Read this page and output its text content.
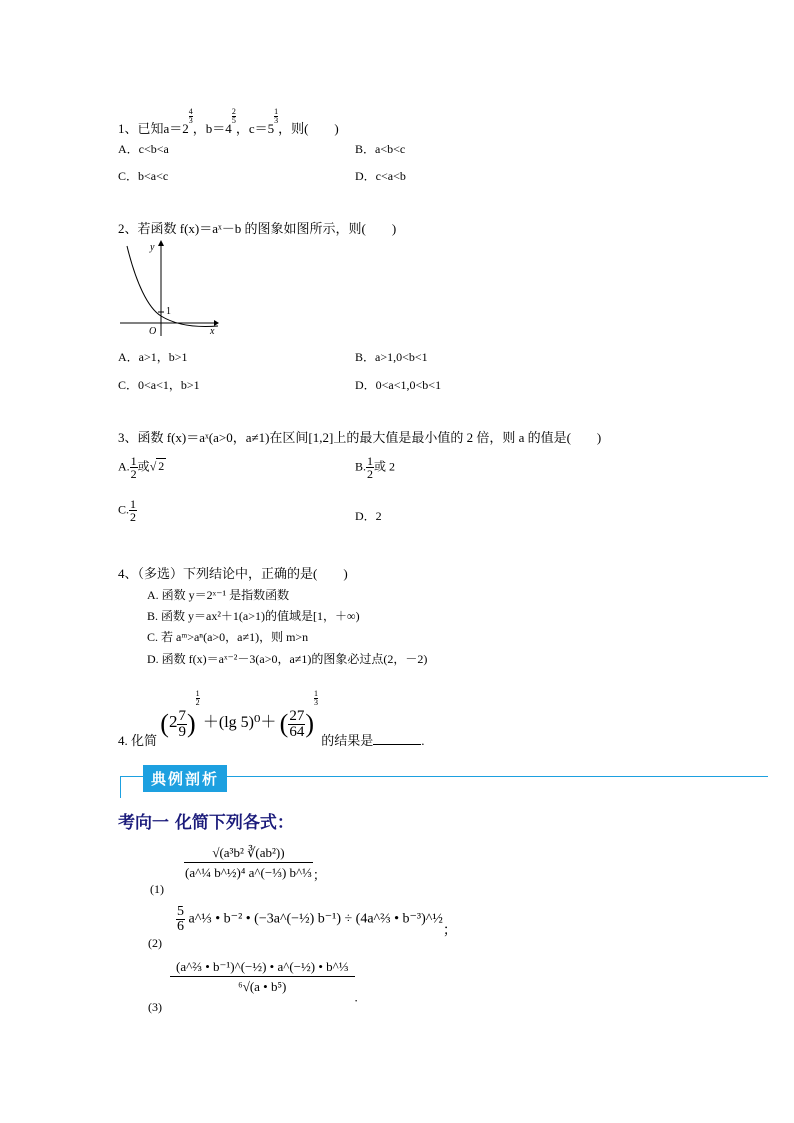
1、已知a＝2
$\frac{4}{3}$
，b＝4
$\frac{2}{5}$
，c＝5
$\frac{1}{3}$
，则(　　)
A．c<b<a	B．a<b<c
C．b<a<c	D．c<a<b
2、若函数 f(x)＝aˣ－b 的图象如图所示，则(　　)
y
x
O
1
A．a>1，b>1	B．a>1,0<b<1
C．0<a<1，b>1	D．0<a<1,0<b<1
3、函数 f(x)＝aˣ(a>0，a≠1)在区间[1,2]上的最大值是最小值的 2 倍，则 a 的值是(　　)
A. $\frac{1}{2}$ 或√ 2	B. $\frac{1}{2}$ 或 2
C. $\frac{1}{2}$	D．2
4、（多选）下列结论中，正确的是(　　)
A. 函数 y＝2ˣ⁻¹ 是指数函数
B. 函数 y＝ax²＋1(a>1)的值域是[1，＋∞)
C. 若 aᵐ>aⁿ(a>0，a≠1)，则 m>n
D. 函数 f(x)＝aˣ⁻²－3(a>0，a≠1)的图象必过点(2，－2)
4. 化简 ($2 \frac{7}{9}$ )
$\frac{1}{2}$
＋(lg 5)⁰＋ ( $\frac{27}{64}$ )
$\frac{1}{3}$
的结果是	.
典例剖析
考向一 化简下列各式：
(1)
$\frac{\text{√(a³b² ∛(ab²))}}{\text{(a\textasciicircum{}¼ b\textasciicircum{}½)⁴ a\textasciicircum{}(−⅓) b\textasciicircum{}⅓}}$ ；
(2)
$\frac{5}{6}$ a^⅓ • b⁻² • (−3a^(−½) b⁻¹) ÷ (4a^⅔ • b⁻³)^½；
(3)
$\frac{\text{(a\textasciicircum{}⅔ • b⁻¹)\textasciicircum{}(−½) • a\textasciicircum{}(−½) • b\textasciicircum{}⅓}}{\text{⁶√(a • b⁵)}}$
.
